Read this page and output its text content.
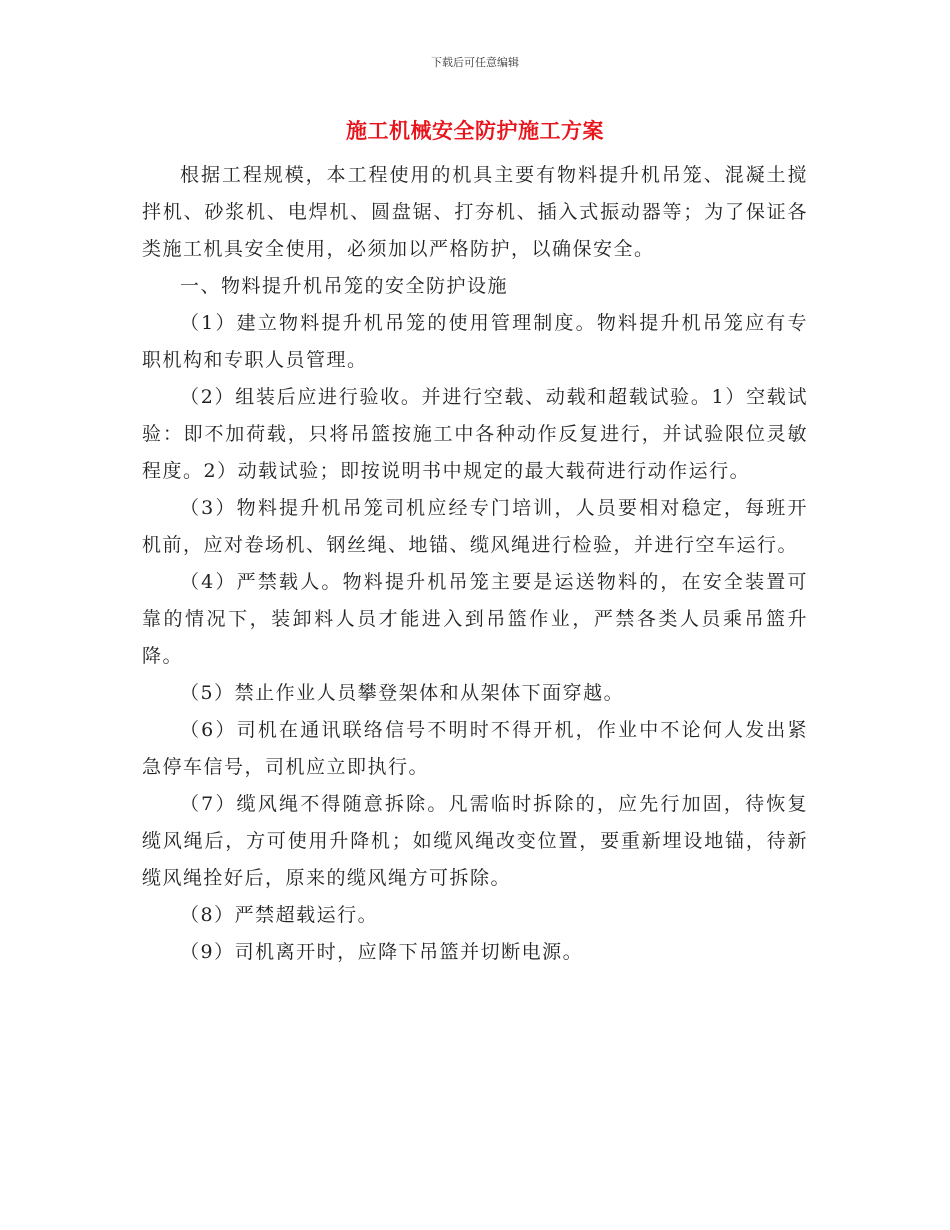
下载后可任意编辑
施工机械安全防护施工方案

根据工程规模，本工程使用的机具主要有物料提升机吊笼、混凝土搅拌机、砂浆机、电焊机、圆盘锯、打夯机、插入式振动器等；为了保证各类施工机具安全使用，必须加以严格防护，以确保安全。

一、物料提升机吊笼的安全防护设施

（1）建立物料提升机吊笼的使用管理制度。物料提升机吊笼应有专职机构和专职人员管理。

（2）组装后应进行验收。并进行空载、动载和超载试验。1）空载试验：即不加荷载，只将吊篮按施工中各种动作反复进行，并试验限位灵敏程度。2）动载试验；即按说明书中规定的最大载荷进行动作运行。

（3）物料提升机吊笼司机应经专门培训，人员要相对稳定，每班开机前，应对卷场机、钢丝绳、地锚、缆风绳进行检验，并进行空车运行。

（4）严禁载人。物料提升机吊笼主要是运送物料的，在安全装置可靠的情况下，装卸料人员才能进入到吊篮作业，严禁各类人员乘吊篮升降。

（5）禁止作业人员攀登架体和从架体下面穿越。

（6）司机在通讯联络信号不明时不得开机，作业中不论何人发出紧急停车信号，司机应立即执行。

（7）缆风绳不得随意拆除。凡需临时拆除的，应先行加固，待恢复缆风绳后，方可使用升降机；如缆风绳改变位置，要重新埋设地锚，待新缆风绳拴好后，原来的缆风绳方可拆除。

（8）严禁超载运行。

（9）司机离开时，应降下吊篮并切断电源。
